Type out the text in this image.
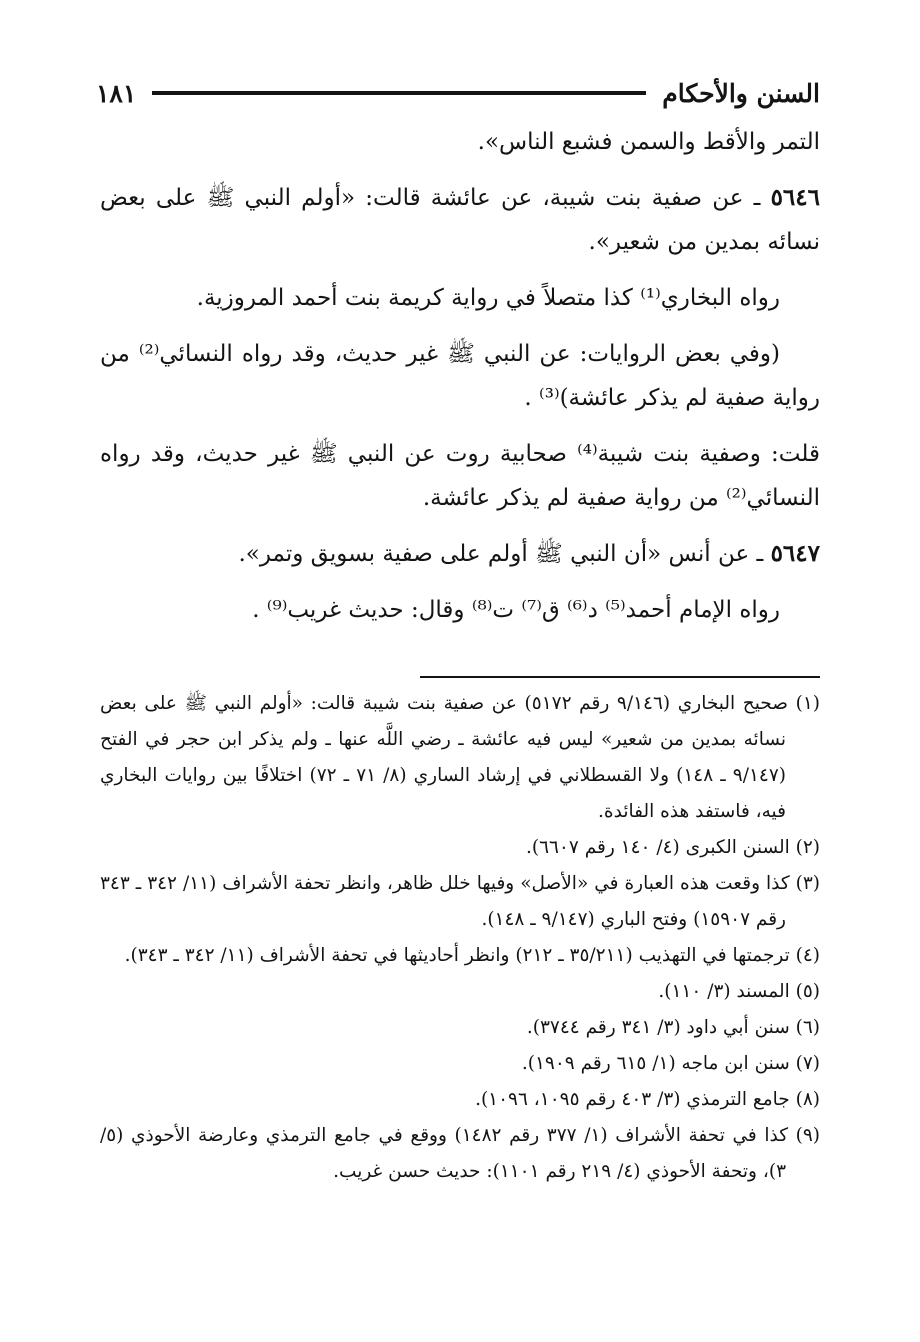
السنن والأحكام
١٨١

التمر والأقط والسمن فشبع الناس».

٥٦٤٦ ـ عن صفية بنت شيبة، عن عائشة قالت: «أولم النبي ﷺ على بعض نسائه بمدين من شعير».

رواه البخاري⁽¹⁾ كذا متصلاً في رواية كريمة بنت أحمد المروزية.

(وفي بعض الروايات: عن النبي ﷺ غير حديث، وقد رواه النسائي⁽²⁾ من رواية صفية لم يذكر عائشة)⁽³⁾ .

قلت: وصفية بنت شيبة⁽⁴⁾ صحابية روت عن النبي ﷺ غير حديث، وقد رواه النسائي⁽²⁾ من رواية صفية لم يذكر عائشة.

٥٦٤٧ ـ عن أنس «أن النبي ﷺ أولم على صفية بسويق وتمر».

رواه الإمام أحمد⁽⁵⁾ د⁽⁶⁾ ق⁽⁷⁾ ت⁽⁸⁾ وقال: حديث غريب⁽⁹⁾ .

(١) صحيح البخاري (٩/١٤٦ رقم ٥١٧٢) عن صفية بنت شيبة قالت: «أولم النبي ﷺ على بعض نسائه بمدين من شعير» ليس فيه عائشة ـ رضي اللَّه عنها ـ ولم يذكر ابن حجر في الفتح (٩/١٤٧ ـ ١٤٨) ولا القسطلاني في إرشاد الساري (٨/ ٧١ ـ ٧٢) اختلافًا بين روايات البخاري فيه، فاستفد هذه الفائدة.

(٢) السنن الكبرى (٤/ ١٤٠ رقم ٦٦٠٧).

(٣) كذا وقعت هذه العبارة في «الأصل» وفيها خلل ظاهر، وانظر تحفة الأشراف (١١/ ٣٤٢ ـ ٣٤٣ رقم ١٥٩٠٧) وفتح الباري (٩/١٤٧ ـ ١٤٨).

(٤) ترجمتها في التهذيب (٣٥/٢١١ ـ ٢١٢) وانظر أحاديثها في تحفة الأشراف (١١/ ٣٤٢ ـ ٣٤٣).

(٥) المسند (٣/ ١١٠).

(٦) سنن أبي داود (٣/ ٣٤١ رقم ٣٧٤٤).

(٧) سنن ابن ماجه (١/ ٦١٥ رقم ١٩٠٩).

(٨) جامع الترمذي (٣/ ٤٠٣ رقم ١٠٩٥، ١٠٩٦).

(٩) كذا في تحفة الأشراف (١/ ٣٧٧ رقم ١٤٨٢) ووقع في جامع الترمذي وعارضة الأحوذي (٥/ ٣)، وتحفة الأحوذي (٤/ ٢١٩ رقم ١١٠١): حديث حسن غريب.
